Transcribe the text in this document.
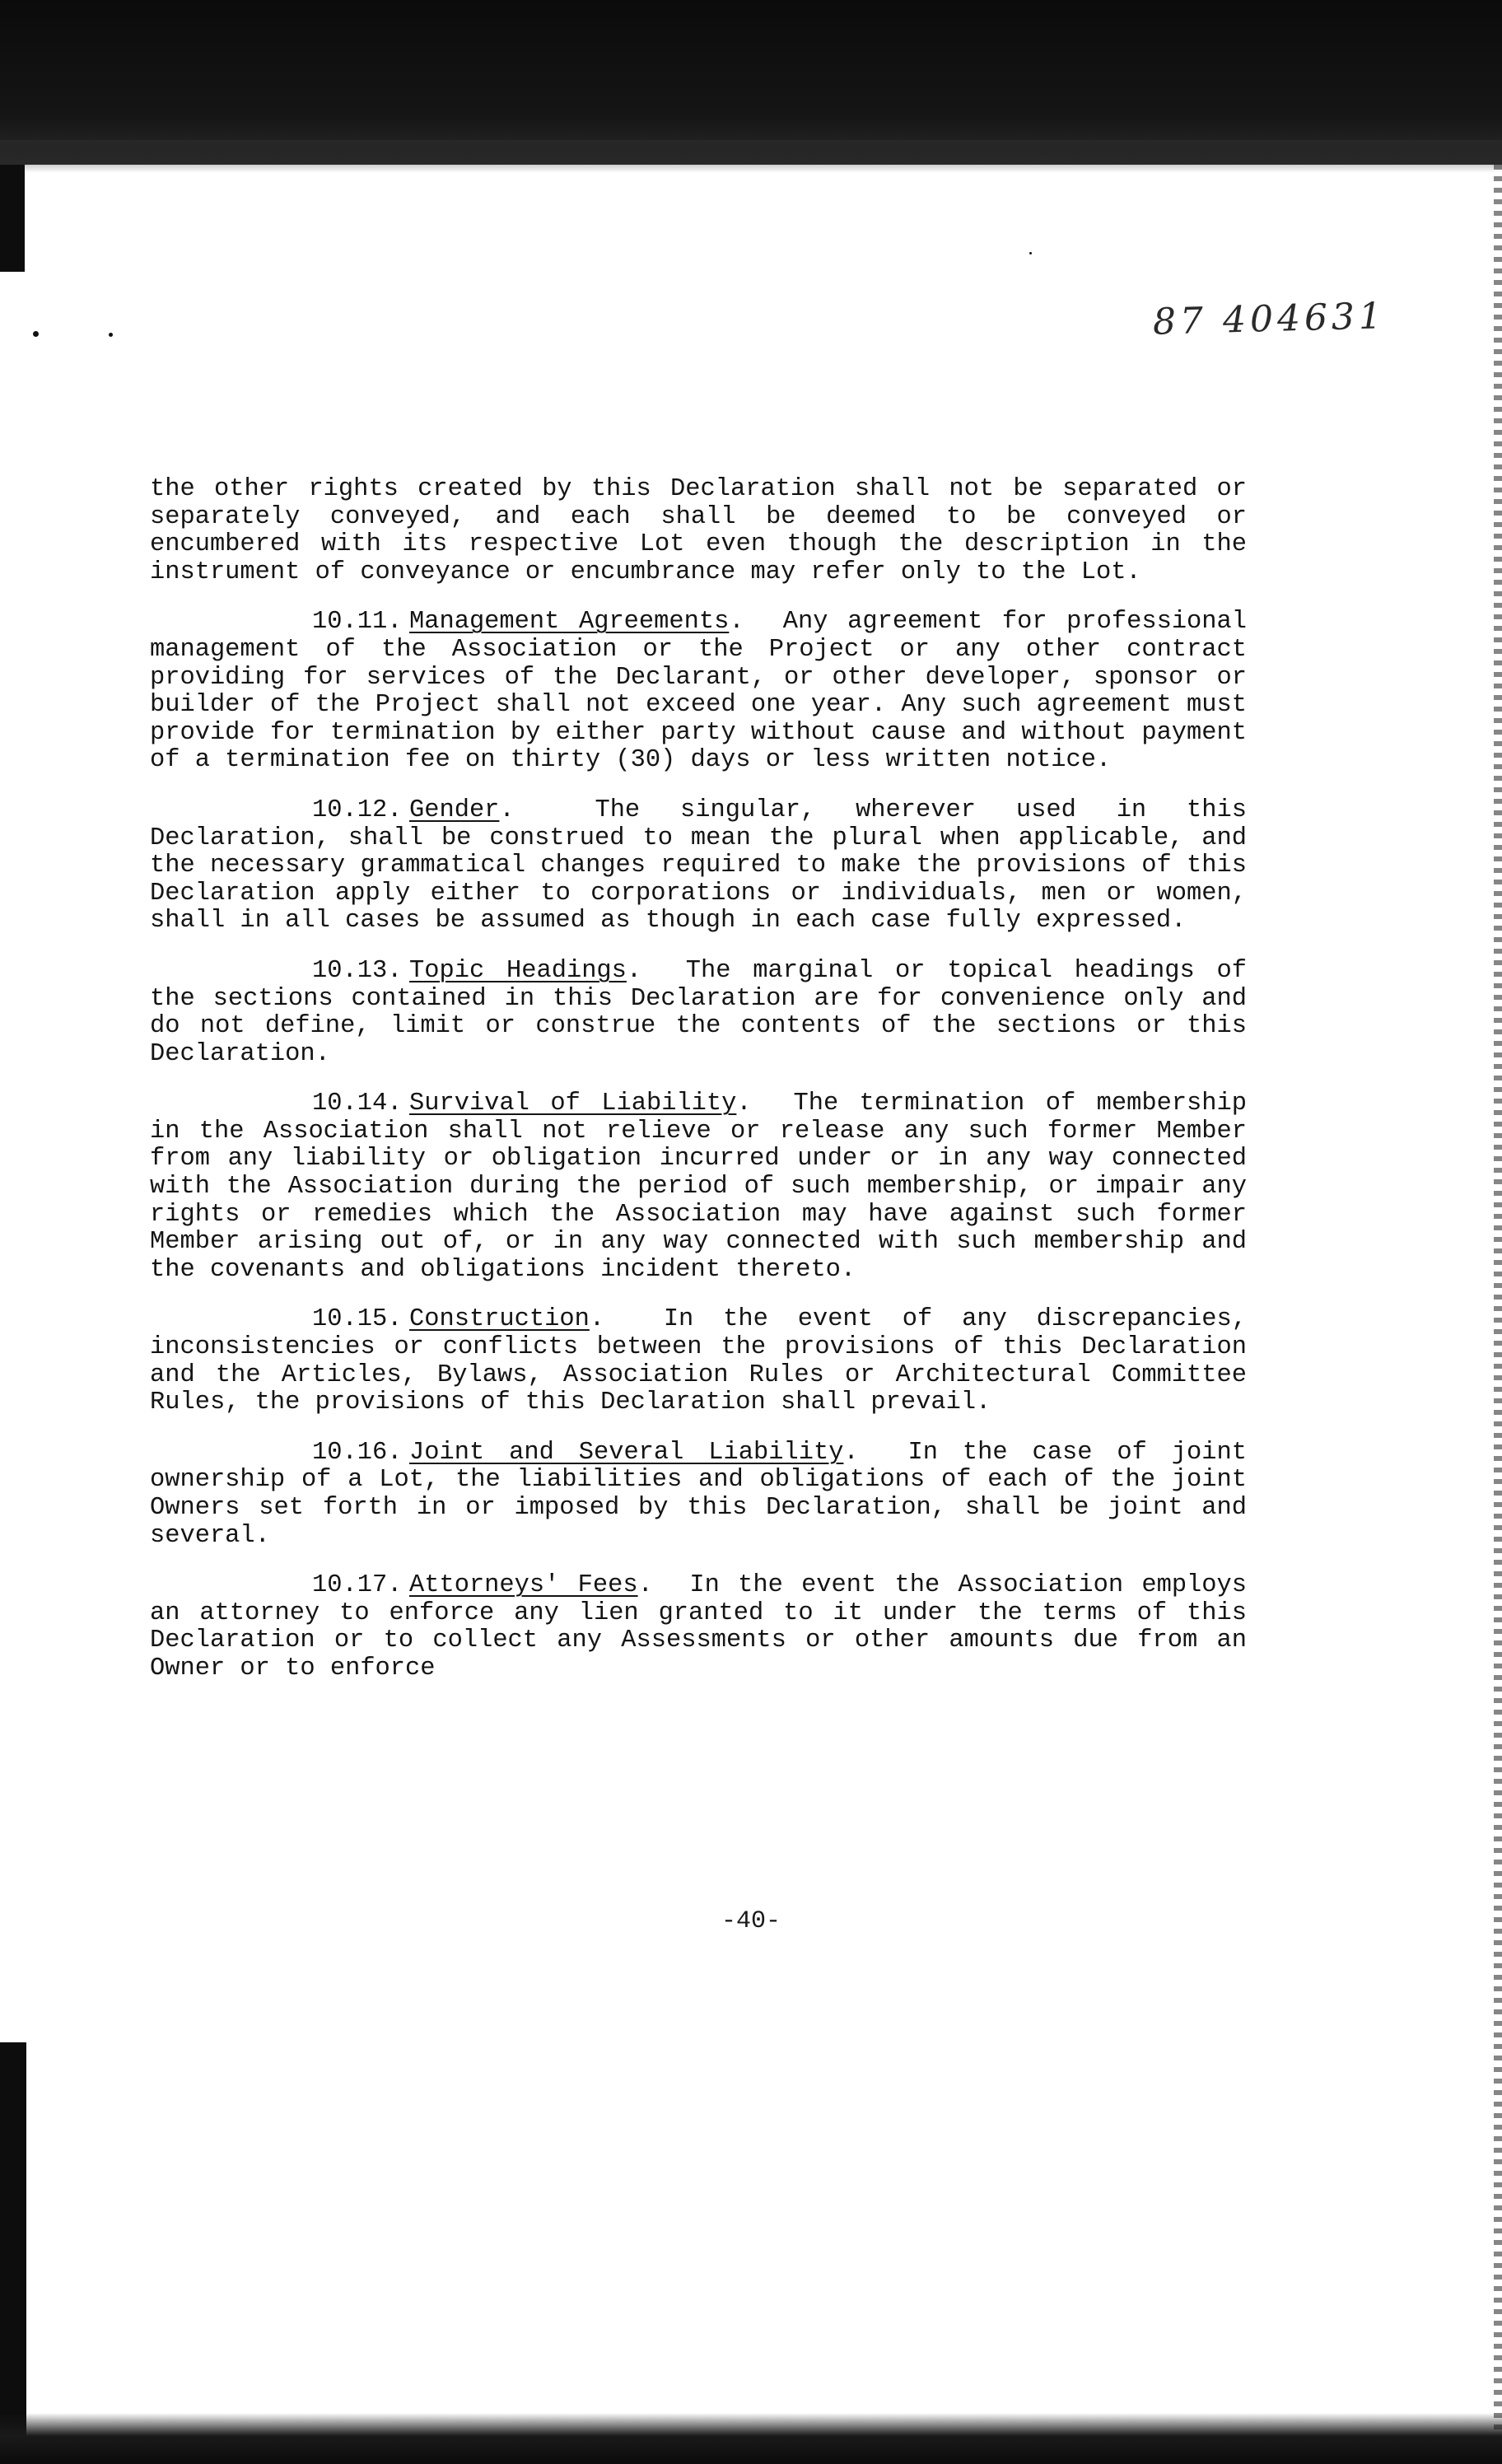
87 404631

the other rights created by this Declaration shall not be separated or separately conveyed, and each shall be deemed to be conveyed or encumbered with its respective Lot even though the description in the instrument of conveyance or encumbrance may refer only to the Lot.

10.11. Management Agreements.  Any agreement for professional management of the Association or the Project or any other contract providing for services of the Declarant, or other developer, sponsor or builder of the Project shall not exceed one year. Any such agreement must provide for termination by either party without cause and without payment of a termination fee on thirty (30) days or less written notice.

10.12. Gender.  The singular, wherever used in this Declaration, shall be construed to mean the plural when applicable, and the necessary grammatical changes required to make the provisions of this Declaration apply either to corporations or individuals, men or women, shall in all cases be assumed as though in each case fully expressed.

10.13. Topic Headings.  The marginal or topical headings of the sections contained in this Declaration are for convenience only and do not define, limit or construe the contents of the sections or this Declaration.

10.14. Survival of Liability.  The termination of membership in the Association shall not relieve or release any such former Member from any liability or obligation incurred under or in any way connected with the Association during the period of such membership, or impair any rights or remedies which the Association may have against such former Member arising out of, or in any way connected with such membership and the covenants and obligations incident thereto.

10.15. Construction.  In the event of any discrepancies, inconsistencies or conflicts between the provisions of this Declaration and the Articles, Bylaws, Association Rules or Architectural Committee Rules, the provisions of this Declaration shall prevail.

10.16. Joint and Several Liability.  In the case of joint ownership of a Lot, the liabilities and obligations of each of the joint Owners set forth in or imposed by this Declaration, shall be joint and several.

10.17. Attorneys' Fees.  In the event the Association employs an attorney to enforce any lien granted to it under the terms of this Declaration or to collect any Assessments or other amounts due from an Owner or to enforce

-40-
